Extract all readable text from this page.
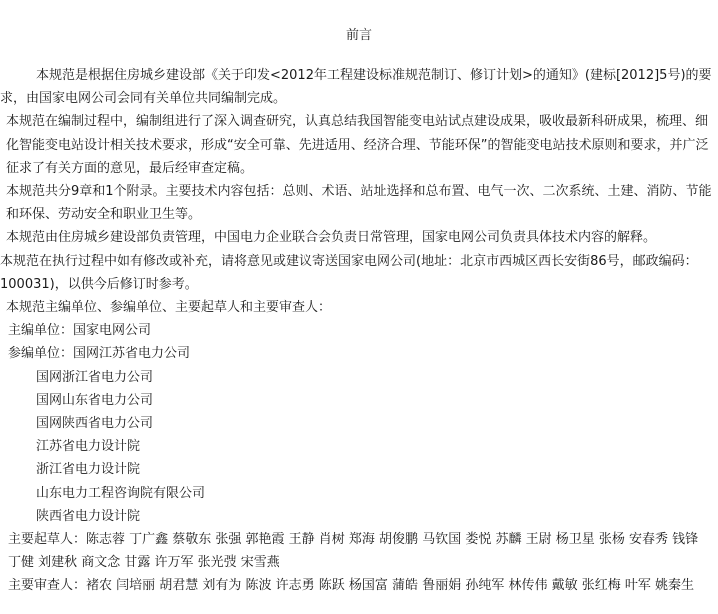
前言

本规范是根据住房城乡建设部《关于印发<2012年工程建设标准规范制订、修订计划>的通知》(建标[2012]5号)的要求，由国家电网公司会同有关单位共同编制完成。

本规范在编制过程中，编制组进行了深入调查研究，认真总结我国智能变电站试点建设成果，吸收最新科研成果，梳理、细化智能变电站设计相关技术要求，形成“安全可靠、先进适用、经济合理、节能环保”的智能变电站技术原则和要求，并广泛征求了有关方面的意见，最后经审查定稿。

本规范共分9章和1个附录。主要技术内容包括：总则、术语、站址选择和总布置、电气一次、二次系统、土建、消防、节能和环保、劳动安全和职业卫生等。

本规范由住房城乡建设部负责管理，中国电力企业联合会负责日常管理，国家电网公司负责具体技术内容的解释。

本规范在执行过程中如有修改或补充，请将意见或建议寄送国家电网公司(地址：北京市西城区西长安街86号，邮政编码：100031)，以供今后修订时参考。

本规范主编单位、参编单位、主要起草人和主要审查人：

主编单位：国家电网公司

参编单位：国网江苏省电力公司

国网浙江省电力公司

国网山东省电力公司

国网陕西省电力公司

江苏省电力设计院

浙江省电力设计院

山东电力工程咨询院有限公司

陕西省电力设计院

主要起草人：陈志蓉 丁广鑫 蔡敬东 张强 郭艳霞 王静 肖树 郑海 胡俊鹏 马钦国 娄悦 苏麟 王尉 杨卫星 张杨 安春秀 钱锋 丁健 刘建秋 商文念 甘露 许万军 张光弢 宋雪燕

主要审查人：褚农 闫培丽 胡君慧 刘有为 陈波 许志勇 陈跃 杨国富 蒲皓 鲁丽娟 孙纯军 林传伟 戴敏 张红梅 叶军 姚秦生
